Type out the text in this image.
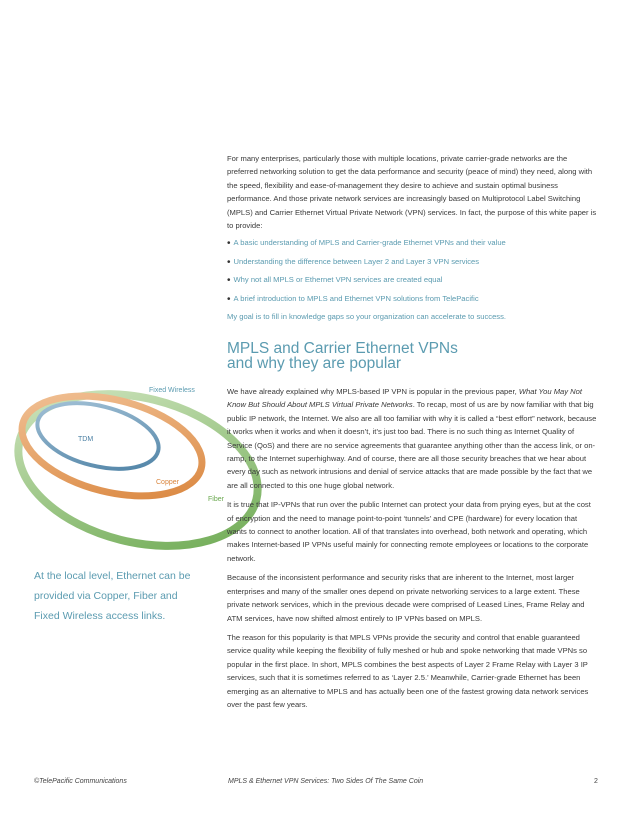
For many enterprises, particularly those with multiple locations, private carrier-grade networks are the preferred networking solution to get the data performance and security (peace of mind) they need, along with the speed, flexibility and ease-of-management they desire to achieve and sustain optimal business performance. And those private network services are increasingly based on Multiprotocol Label Switching (MPLS) and Carrier Ethernet Virtual Private Network (VPN) services. In fact, the purpose of this white paper is to provide:

• A basic understanding of MPLS and Carrier-grade Ethernet VPNs and their value
• Understanding the difference between Layer 2 and Layer 3 VPN services
• Why not all MPLS or Ethernet VPN services are created equal
• A brief introduction to MPLS and Ethernet VPN solutions from TelePacific

My goal is to fill in knowledge gaps so your organization can accelerate to success.

MPLS and Carrier Ethernet VPNs
and why they are popular
Fixed Wireless
TDM
Copper
Fiber

We have already explained why MPLS-based IP VPN is popular in the previous paper, What You May Not Know But Should About MPLS Virtual Private Networks. To recap, most of us are by now familiar with that big public IP network, the Internet. We also are all too familiar with why it is called a “best effort” network, because it works when it works and when it doesn’t, it’s just too bad. There is no such thing as Internet Quality of Service (QoS) and there are no service agreements that guarantee anything other than the access link, or on-ramp, to the Internet superhighway. And of course, there are all those security breaches that we hear about every day such as network intrusions and denial of service attacks that are made possible by the fact that we are all connected to this one huge global network.

It is true that IP-VPNs that run over the public Internet can protect your data from prying eyes, but at the cost of encryption and the need to manage point-to-point ‘tunnels’ and CPE (hardware) for every location that wants to connect to another location. All of that translates into overhead, both network and operating, which makes Internet-based IP VPNs useful mainly for connecting remote employees or locations to the corporate network.

Because of the inconsistent performance and security risks that are inherent to the Internet, most larger enterprises and many of the smaller ones depend on private networking services to a large extent. These private network services, which in the previous decade were comprised of Leased Lines, Frame Relay and ATM services, have now shifted almost entirely to IP VPNs based on MPLS.

The reason for this popularity is that MPLS VPNs provide the security and control that enable guaranteed service quality while keeping the flexibility of fully meshed or hub and spoke networking that made VPNs so popular in the first place. In short, MPLS combines the best aspects of Layer 2 Frame Relay with Layer 3 IP services, such that it is sometimes referred to as ‘Layer 2.5.’ Meanwhile, Carrier-grade Ethernet has been emerging as an alternative to MPLS and has actually been one of the fastest growing data network services over the past few years.

At the local level, Ethernet can be provided via Copper, Fiber and Fixed Wireless access links.

©TelePacific Communications	MPLS & Ethernet VPN Services: Two Sides Of The Same Coin	2
